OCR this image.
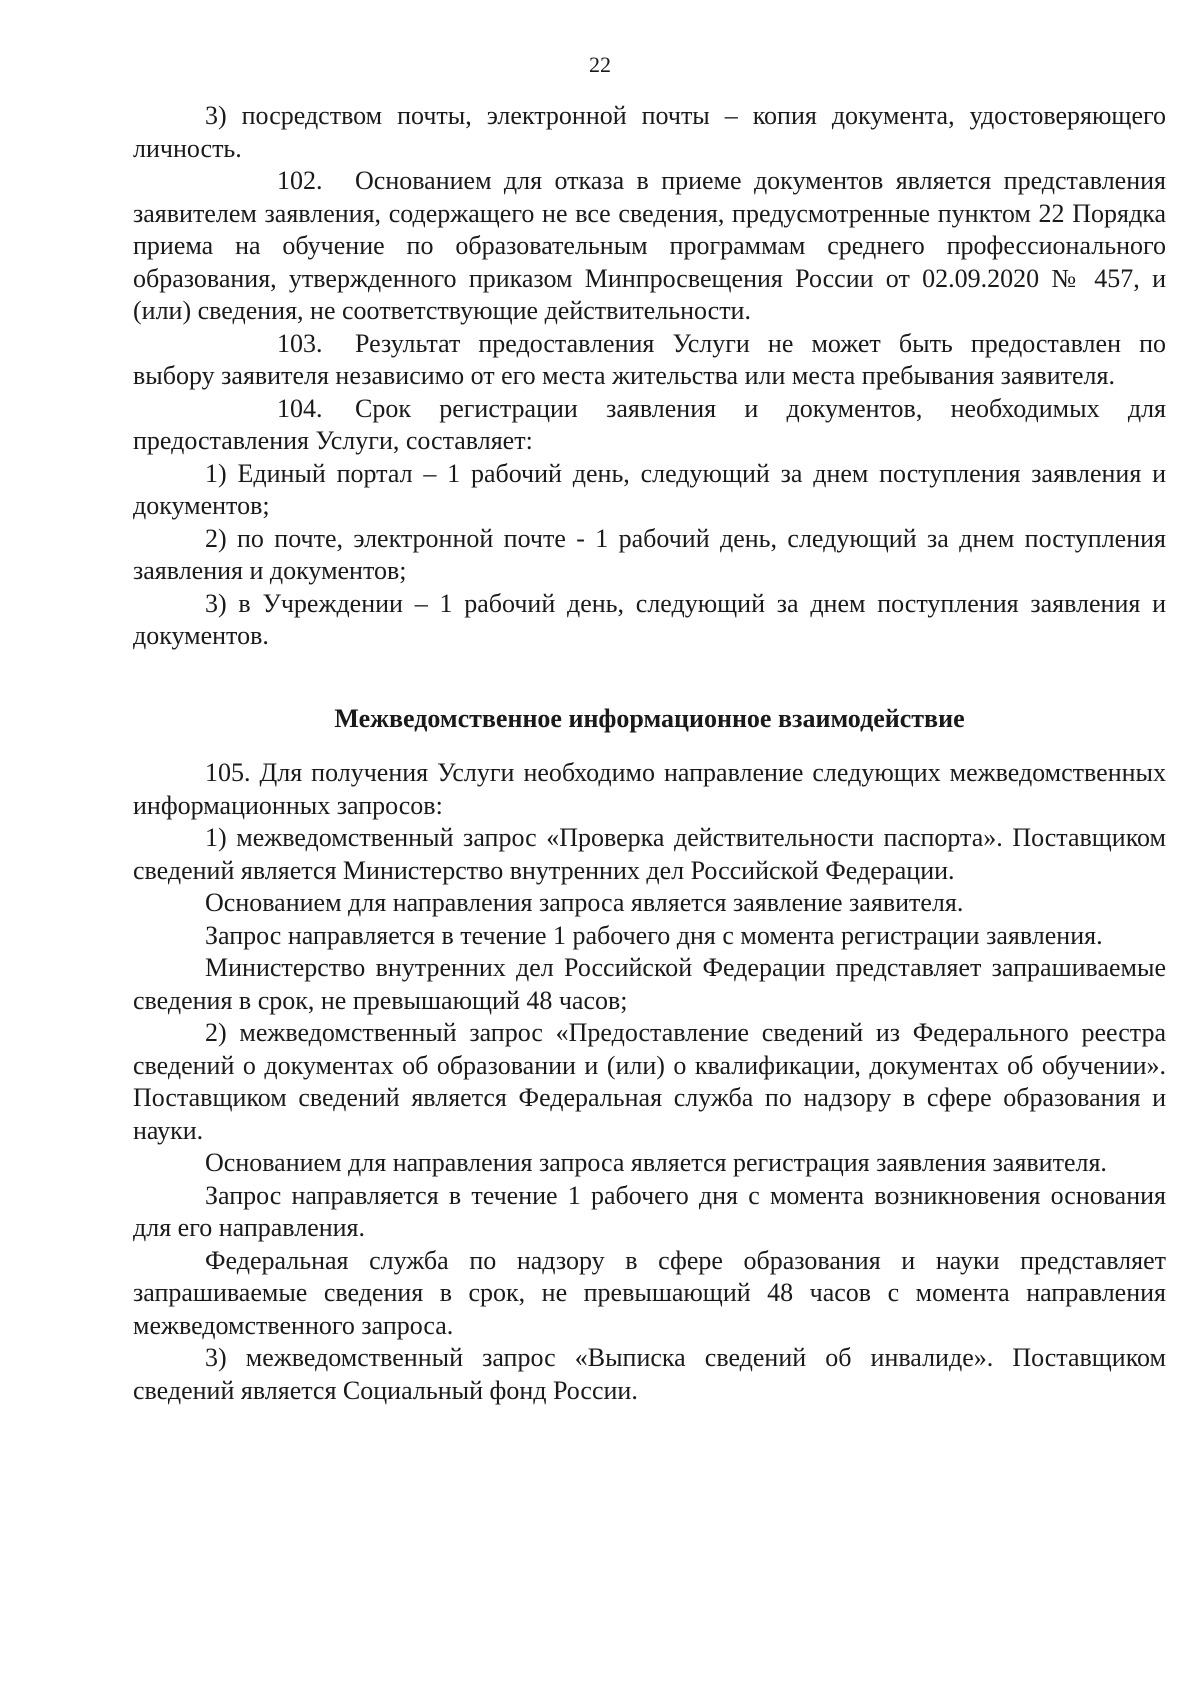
22

3) посредством почты, электронной почты – копия документа, удостоверяющего личность.

102. Основанием для отказа в приеме документов является представления заявителем заявления, содержащего не все сведения, предусмотренные пунктом 22 Порядка приема на обучение по образовательным программам среднего профессионального образования, утвержденного приказом Минпросвещения России от 02.09.2020 № 457, и (или) сведения, не соответствующие действительности.

103. Результат предоставления Услуги не может быть предоставлен по выбору заявителя независимо от его места жительства или места пребывания заявителя.

104. Срок регистрации заявления и документов, необходимых для предоставления Услуги, составляет:

1) Единый портал – 1 рабочий день, следующий за днем поступления заявления и документов;

2) по почте, электронной почте - 1 рабочий день, следующий за днем поступления заявления и документов;

3) в Учреждении – 1 рабочий день, следующий за днем поступления заявления и документов.

Межведомственное информационное взаимодействие

105. Для получения Услуги необходимо направление следующих межведомственных информационных запросов:

1) межведомственный запрос «Проверка действительности паспорта». Поставщиком сведений является Министерство внутренних дел Российской Федерации.

Основанием для направления запроса является заявление заявителя.

Запрос направляется в течение 1 рабочего дня с момента регистрации заявления.

Министерство внутренних дел Российской Федерации представляет запрашиваемые сведения в срок, не превышающий 48 часов;

2) межведомственный запрос «Предоставление сведений из Федерального реестра сведений о документах об образовании и (или) о квалификации, документах об обучении». Поставщиком сведений является Федеральная служба по надзору в сфере образования и науки.

Основанием для направления запроса является регистрация заявления заявителя.

Запрос направляется в течение 1 рабочего дня с момента возникновения основания для его направления.

Федеральная служба по надзору в сфере образования и науки представляет запрашиваемые сведения в срок, не превышающий 48 часов с момента направления межведомственного запроса.

3) межведомственный запрос «Выписка сведений об инвалиде». Поставщиком сведений является Социальный фонд России.
